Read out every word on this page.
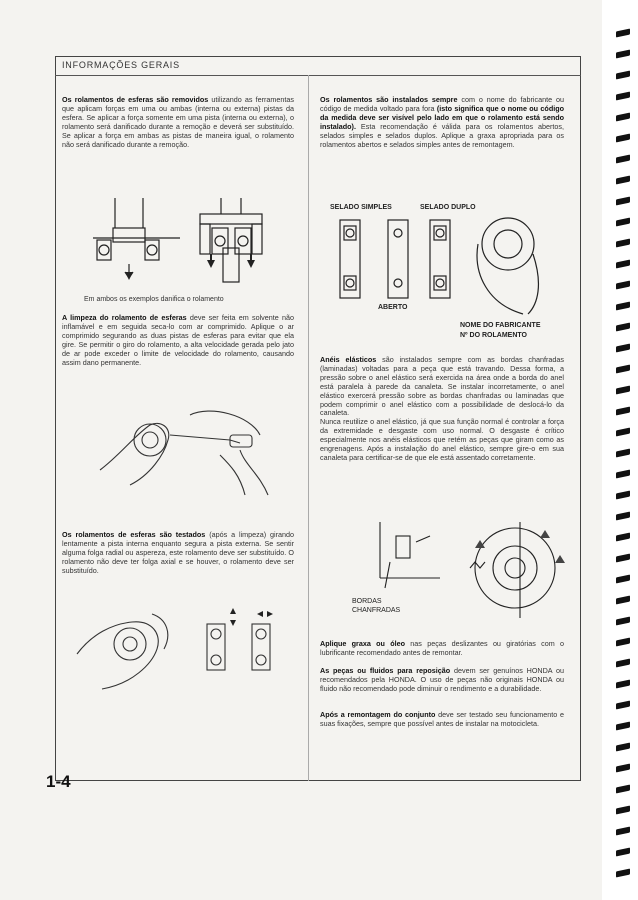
INFORMAÇÕES GERAIS
Os rolamentos de esferas são removidos utilizando as ferramentas que aplicam forças em uma ou ambas (interna ou externa) pistas da esfera. Se aplicar a força somente em uma pista (interna ou externa), o rolamento será danificado durante a remoção e deverá ser substituído. Se aplicar a força em ambas as pistas de maneira igual, o rolamento não será danificado durante a remoção.
Em ambos os exemplos danifica o rolamento
A limpeza do rolamento de esferas deve ser feita em solvente não inflamável e em seguida seca-lo com ar comprimido. Aplique o ar comprimido segurando as duas pistas de esferas para evitar que ela gire. Se permitir o giro do rolamento, a alta velocidade gerada pelo jato de ar pode exceder o limite de velocidade do rolamento, causando assim dano permanente.
Os rolamentos de esferas são testados (após a limpeza) girando lentamente a pista interna enquanto segura a pista externa. Se sentir alguma folga radial ou aspereza, este rolamento deve ser substituído. O rolamento não deve ter folga axial e se houver, o rolamento deve ser substituído.
1-4
Os rolamentos são instalados sempre com o nome do fabricante ou código de medida voltado para fora (isto significa que o nome ou código da medida deve ser visível pelo lado em que o rolamento está sendo instalado). Esta recomendação é válida para os rolamentos abertos, selados simples e selados duplos. Aplique a graxa apropriada para os rolamentos abertos e selados simples antes de remontagem.
SELADO SIMPLES	SELADO DUPLO
ABERTO
NOME DO FABRICANTE
Nº DO ROLAMENTO
Anéis elásticos são instalados sempre com as bordas chanfradas (laminadas) voltadas para a peça que está travando. Dessa forma, a pressão sobre o anel elástico será exercida na área onde a borda do anel está paralela à parede da canaleta. Se instalar incorretamente, o anel elástico exercerá pressão sobre as bordas chanfradas ou laminadas que podem comprimir o anel elástico com a possibilidade de deslocá-lo da canaleta.
Nunca reutilize o anel elástico, já que sua função normal é controlar a força da extremidade e desgaste com uso normal. O desgaste é crítico especialmente nos anéis elásticos que retém as peças que giram como as engrenagens. Após a instalação do anel elástico, sempre gire-o em sua canaleta para certificar-se de que ele está assentado corretamente.
BORDAS
CHANFRADAS
Aplique graxa ou óleo nas peças deslizantes ou giratórias com o lubrificante recomendado antes de remontar.
As peças ou fluidos para reposição devem ser genuínos HONDA ou recomendados pela HONDA. O uso de peças não originais HONDA ou fluido não recomendado pode diminuir o rendimento e a durabilidade.
Após a remontagem do conjunto deve ser testado seu funcionamento e suas fixações, sempre que possível antes de instalar na motocicleta.
